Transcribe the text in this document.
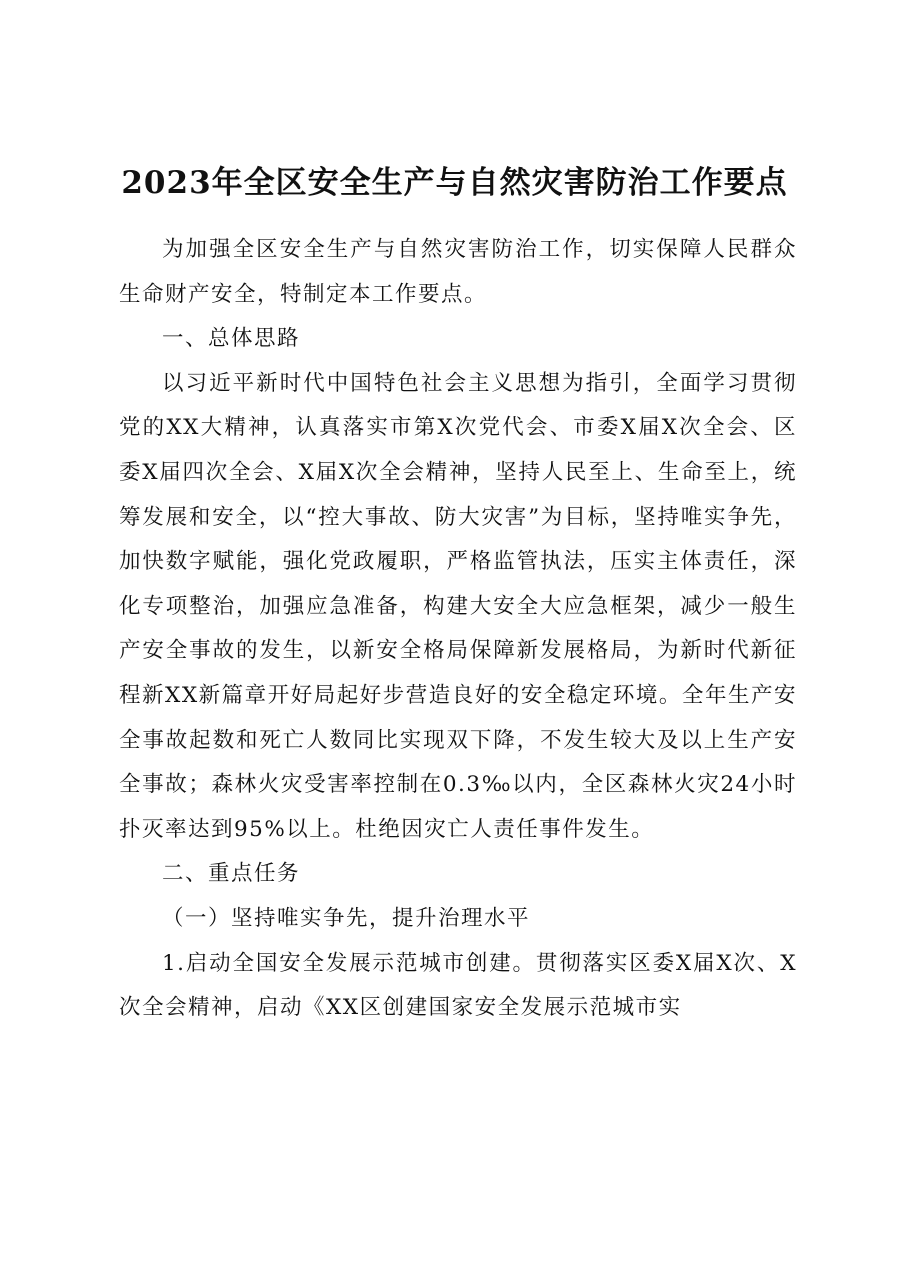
2023年全区安全生产与自然灾害防治工作要点

为加强全区安全生产与自然灾害防治工作，切实保障人民群众生命财产安全，特制定本工作要点。

一、总体思路

以习近平新时代中国特色社会主义思想为指引，全面学习贯彻党的XX大精神，认真落实市第X次党代会、市委X届X次全会、区委X届四次全会、X届X次全会精神，坚持人民至上、生命至上，统筹发展和安全，以“控大事故、防大灾害”为目标，坚持唯实争先，加快数字赋能，强化党政履职，严格监管执法，压实主体责任，深化专项整治，加强应急准备，构建大安全大应急框架，减少一般生产安全事故的发生，以新安全格局保障新发展格局，为新时代新征程新XX新篇章开好局起好步营造良好的安全稳定环境。全年生产安全事故起数和死亡人数同比实现双下降，不发生较大及以上生产安全事故；森林火灾受害率控制在0.3‰以内，全区森林火灾24小时扑灭率达到95%以上。杜绝因灾亡人责任事件发生。

二、重点任务

（一）坚持唯实争先，提升治理水平

1.启动全国安全发展示范城市创建。贯彻落实区委X届X次、X次全会精神，启动《XX区创建国家安全发展示范城市实
